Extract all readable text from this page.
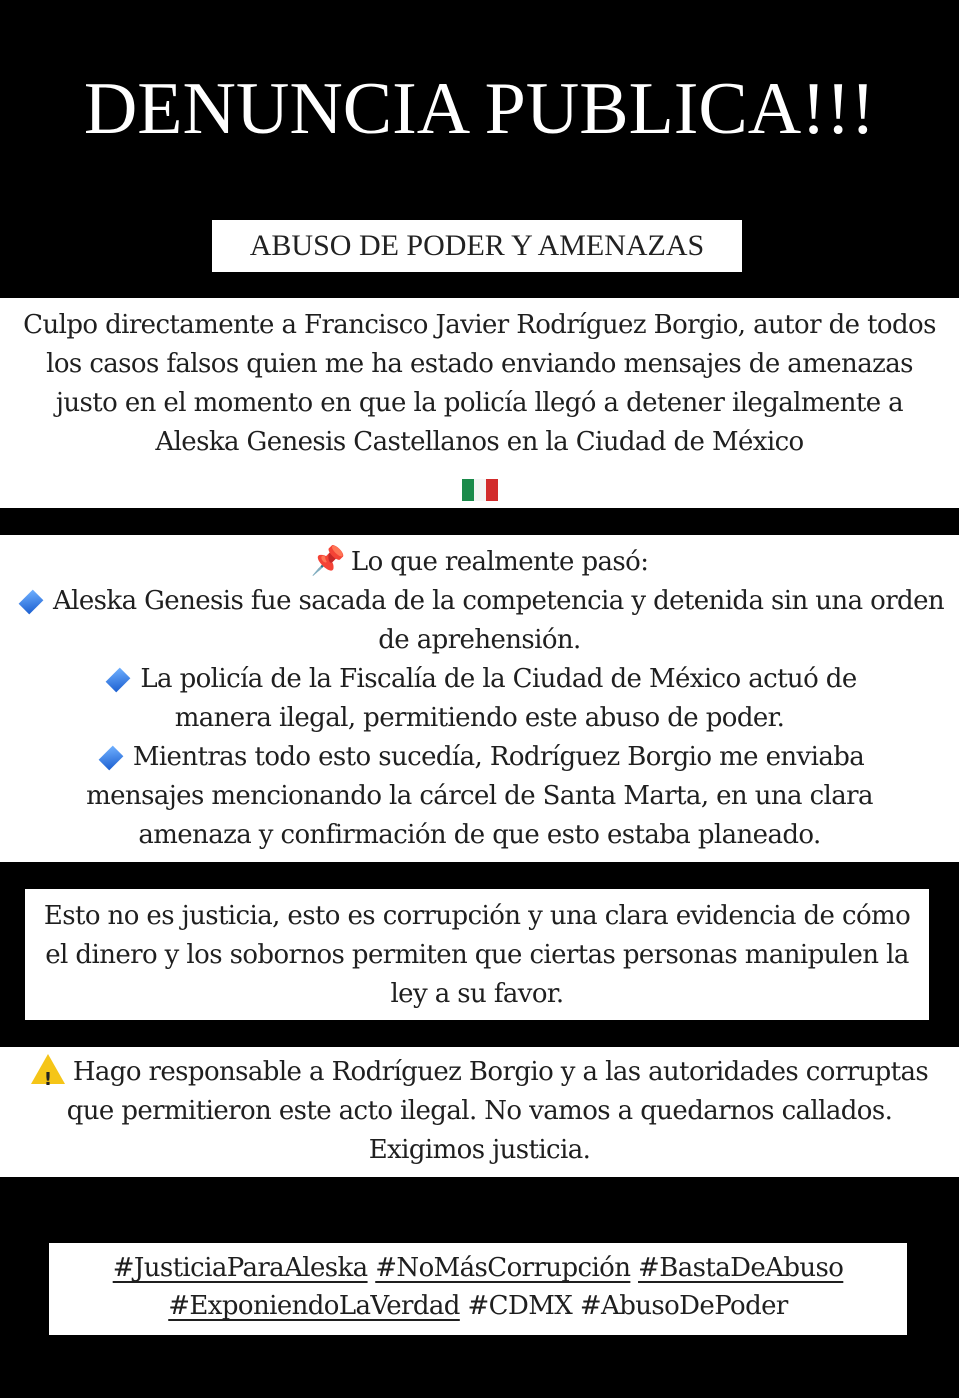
DENUNCIA PUBLICA!!!
ABUSO DE PODER Y AMENAZAS

Culpo directamente a Francisco Javier Rodríguez Borgio, autor de todos los casos falsos quien me ha estado enviando mensajes de amenazas justo en el momento en que la policía llegó a detener ilegalmente a Aleska Genesis Castellanos en la Ciudad de México

📌 Lo que realmente pasó:

Aleska Genesis fue sacada de la competencia y detenida sin una orden de aprehensión.

La policía de la Fiscalía de la Ciudad de México actuó de manera ilegal, permitiendo este abuso de poder.

Mientras todo esto sucedía, Rodríguez Borgio me enviaba mensajes mencionando la cárcel de Santa Marta, en una clara amenaza y confirmación de que esto estaba planeado.

Esto no es justicia, esto es corrupción y una clara evidencia de cómo el dinero y los sobornos permiten que ciertas personas manipulen la ley a su favor.

! Hago responsable a Rodríguez Borgio y a las autoridades corruptas que permitieron este acto ilegal. No vamos a quedarnos callados. Exigimos justicia.

#JusticiaParaAleska #NoMásCorrupción #BastaDeAbuso #ExponiendoLaVerdad #CDMX #AbusoDePoder
